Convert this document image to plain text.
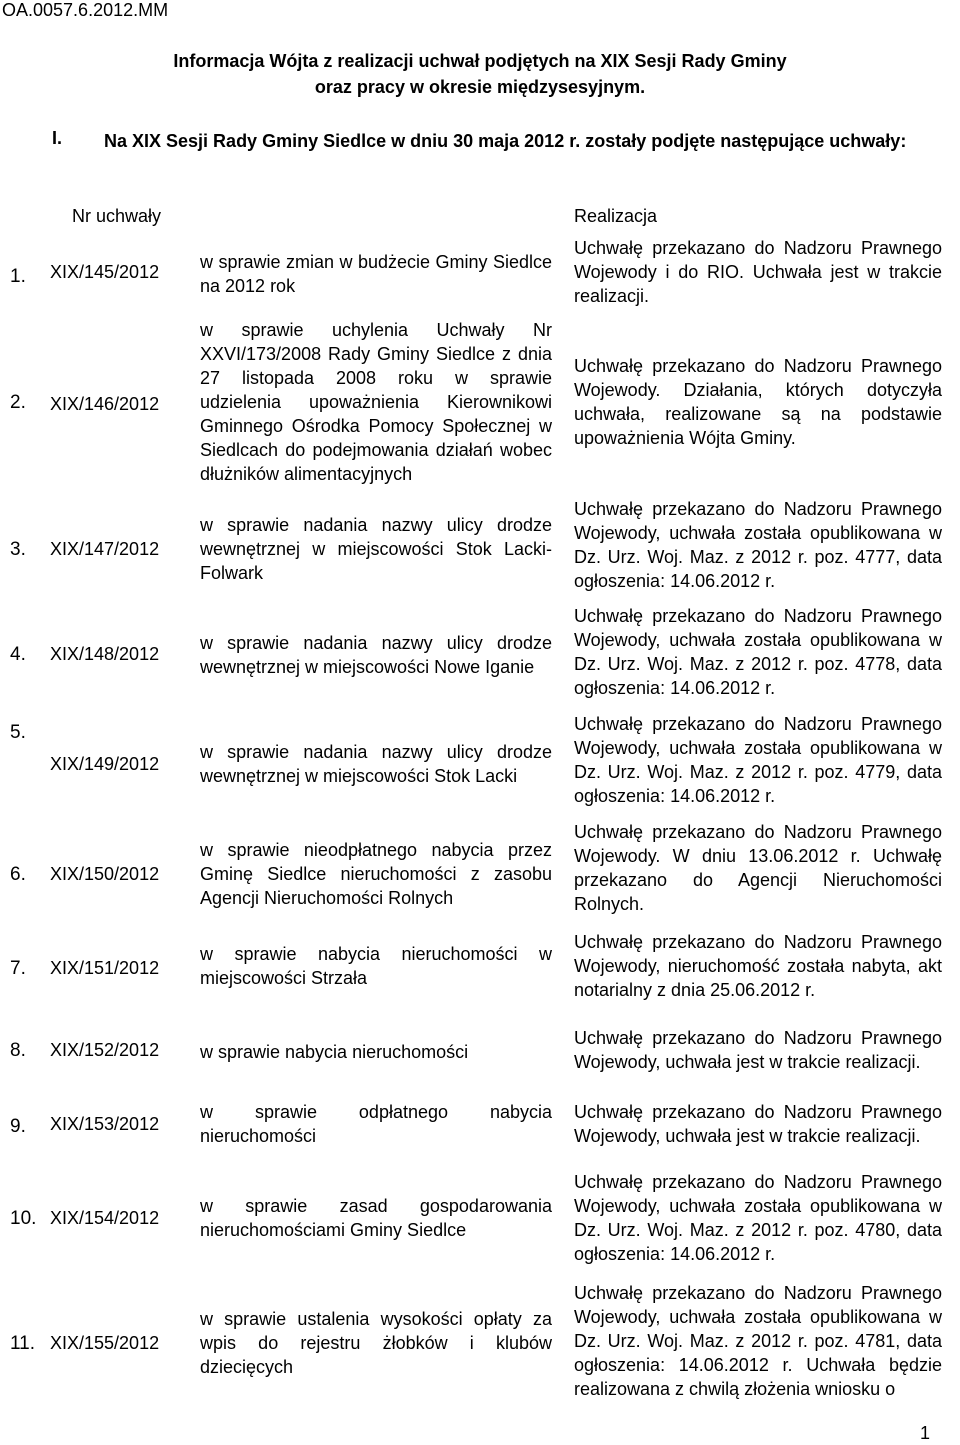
OA.0057.6.2012.MM
Informacja Wójta z realizacji uchwał podjętych na XIX Sesji Rady Gminy
oraz pracy w okresie międzysesyjnym.
I. Na XIX Sesji Rady Gminy Siedlce w dniu 30 maja 2012 r. zostały podjęte następujące uchwały:
Nr uchwały	Realizacja
1. XIX/145/2012 w sprawie zmian w budżecie Gminy Siedlce na 2012 rok
Uchwałę przekazano do Nadzoru Prawnego Wojewody i do RIO. Uchwała jest w trakcie realizacji.
2. XIX/146/2012
w sprawie uchylenia Uchwały Nr XXVI/173/2008 Rady Gminy Siedlce z dnia 27 listopada 2008 roku w sprawie udzielenia upoważnienia Kierownikowi Gminnego Ośrodka Pomocy Społecznej w Siedlcach do podejmowania działań wobec dłużników alimentacyjnych
Uchwałę przekazano do Nadzoru Prawnego Wojewody. Działania, których dotyczyła uchwała, realizowane są na podstawie upoważnienia Wójta Gminy.
3. XIX/147/2012
w sprawie nadania nazwy ulicy drodze wewnętrznej w miejscowości Stok Lacki-Folwark
Uchwałę przekazano do Nadzoru Prawnego Wojewody, uchwała została opublikowana w Dz. Urz. Woj. Maz. z 2012 r. poz. 4777, data ogłoszenia: 14.06.2012 r.
4. XIX/148/2012
w sprawie nadania nazwy ulicy drodze wewnętrznej w miejscowości Nowe Iganie
Uchwałę przekazano do Nadzoru Prawnego Wojewody, uchwała została opublikowana w Dz. Urz. Woj. Maz. z 2012 r. poz. 4778, data ogłoszenia: 14.06.2012 r.
5.
XIX/149/2012
w sprawie nadania nazwy ulicy drodze wewnętrznej w miejscowości Stok Lacki
Uchwałę przekazano do Nadzoru Prawnego Wojewody, uchwała została opublikowana w Dz. Urz. Woj. Maz. z 2012 r. poz. 4779, data ogłoszenia: 14.06.2012 r.
6. XIX/150/2012
w sprawie nieodpłatnego nabycia przez Gminę Siedlce nieruchomości z zasobu Agencji Nieruchomości Rolnych
Uchwałę przekazano do Nadzoru Prawnego Wojewody. W dniu 13.06.2012 r. Uchwałę przekazano do Agencji Nieruchomości Rolnych.
7. XIX/151/2012
w sprawie nabycia nieruchomości w miejscowości Strzała
Uchwałę przekazano do Nadzoru Prawnego Wojewody, nieruchomość została nabyta, akt notarialny z dnia 25.06.2012 r.
8. XIX/152/2012 w sprawie nabycia nieruchomości
Uchwałę przekazano do Nadzoru Prawnego Wojewody, uchwała jest w trakcie realizacji.
9. XIX/153/2012
w sprawie odpłatnego nabycia nieruchomości
Uchwałę przekazano do Nadzoru Prawnego Wojewody, uchwała jest w trakcie realizacji.
10. XIX/154/2012
w sprawie zasad gospodarowania nieruchomościami Gminy Siedlce
Uchwałę przekazano do Nadzoru Prawnego Wojewody, uchwała została opublikowana w Dz. Urz. Woj. Maz. z 2012 r. poz. 4780, data ogłoszenia: 14.06.2012 r.
11. XIX/155/2012
w sprawie ustalenia wysokości opłaty za wpis do rejestru żłobków i klubów dziecięcych
Uchwałę przekazano do Nadzoru Prawnego Wojewody, uchwała została opublikowana w Dz. Urz. Woj. Maz. z 2012 r. poz. 4781, data ogłoszenia: 14.06.2012 r. Uchwała będzie realizowana z chwilą złożenia wniosku o
1
